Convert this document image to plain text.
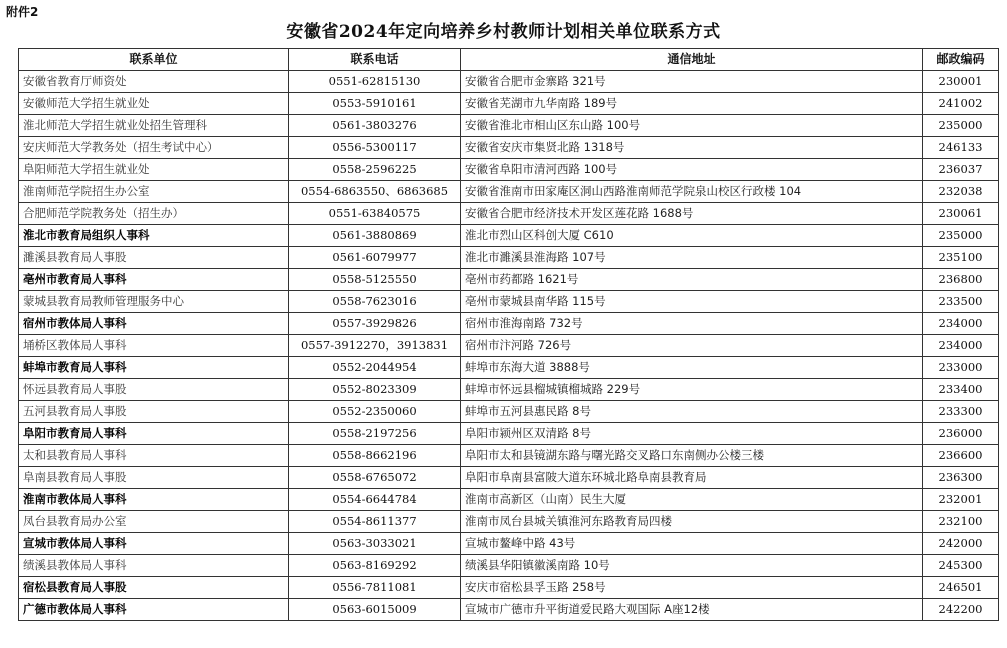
附件2
安徽省2024年定向培养乡村教师计划相关单位联系方式
联系单位	联系电话	通信地址	邮政编码
安徽省教育厅师资处	0551-62815130	安徽省合肥市金寨路 321号	230001
安徽师范大学招生就业处	0553-5910161	安徽省芜湖市九华南路 189号	241002
淮北师范大学招生就业处招生管理科	0561-3803276	安徽省淮北市相山区东山路 100号	235000
安庆师范大学教务处（招生考试中心）	0556-5300117	安徽省安庆市集贤北路 1318号	246133
阜阳师范大学招生就业处	0558-2596225	安徽省阜阳市清河西路 100号	236037
淮南师范学院招生办公室	0554-6863550、6863685	安徽省淮南市田家庵区洞山西路淮南师范学院泉山校区行政楼 104	232038
合肥师范学院教务处（招生办）	0551-63840575	安徽省合肥市经济技术开发区莲花路 1688号	230061
淮北市教育局组织人事科	0561-3880869	淮北市烈山区科创大厦 C610	235000
濉溪县教育局人事股	0561-6079977	淮北市濉溪县淮海路 107号	235100
亳州市教育局人事科	0558-5125550	亳州市药都路 1621号	236800
蒙城县教育局教师管理服务中心	0558-7623016	亳州市蒙城县南华路 115号	233500
宿州市教体局人事科	0557-3929826	宿州市淮海南路 732号	234000
埇桥区教体局人事科	0557-3912270，3913831	宿州市汴河路 726号	234000
蚌埠市教育局人事科	0552-2044954	蚌埠市东海大道 3888号	233000
怀远县教育局人事股	0552-8023309	蚌埠市怀远县榴城镇榴城路 229号	233400
五河县教育局人事股	0552-2350060	蚌埠市五河县惠民路 8号	233300
阜阳市教育局人事科	0558-2197256	阜阳市颍州区双清路 8号	236000
太和县教育局人事科	0558-8662196	阜阳市太和县镜湖东路与曙光路交叉路口东南侧办公楼三楼	236600
阜南县教育局人事股	0558-6765072	阜阳市阜南县富陂大道东环城北路阜南县教育局	236300
淮南市教体局人事科	0554-6644784	淮南市高新区（山南）民生大厦	232001
凤台县教育局办公室	0554-8611377	淮南市凤台县城关镇淮河东路教育局四楼	232100
宣城市教体局人事科	0563-3033021	宣城市鳌峰中路 43号	242000
绩溪县教体局人事科	0563-8169292	绩溪县华阳镇徽溪南路 10号	245300
宿松县教育局人事股	0556-7811081	安庆市宿松县孚玉路 258号	246501
广德市教体局人事科	0563-6015009	宣城市广德市升平街道爱民路大观国际 A座12楼	242200
